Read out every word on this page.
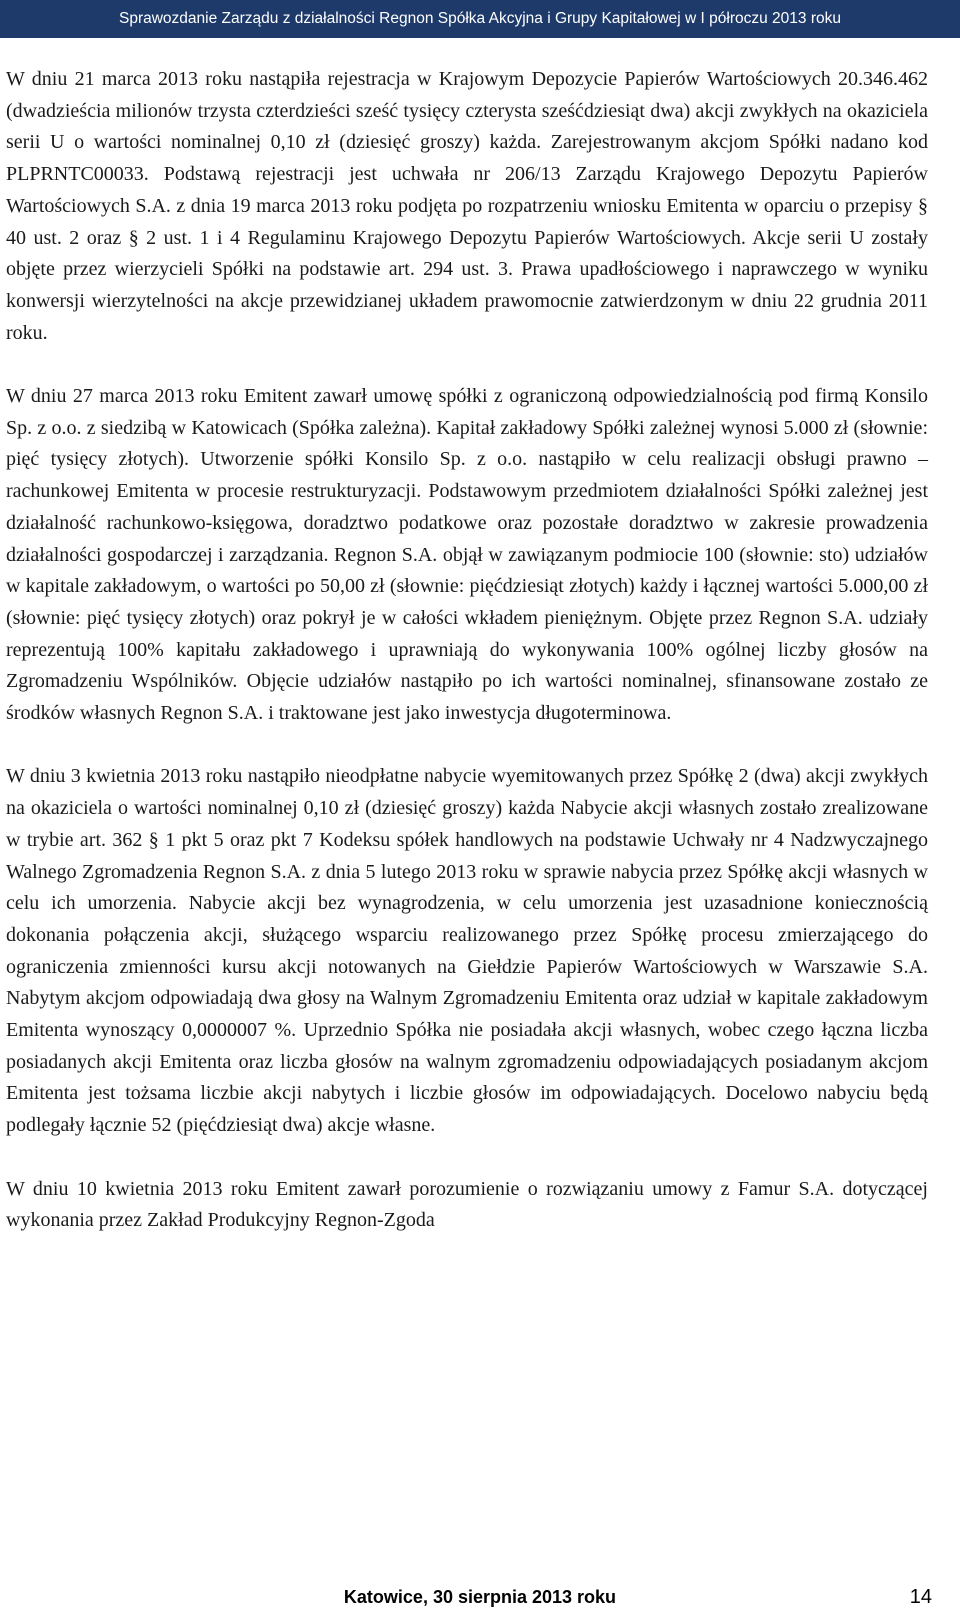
Sprawozdanie Zarządu z działalności Regnon Spółka Akcyjna i Grupy Kapitałowej w I półroczu 2013 roku

W dniu 21 marca 2013 roku nastąpiła rejestracja w Krajowym Depozycie Papierów Wartościowych 20.346.462 (dwadzieścia milionów trzysta czterdzieści sześć tysięcy czterysta sześćdziesiąt dwa) akcji zwykłych na okaziciela serii U o wartości nominalnej 0,10 zł (dziesięć groszy) każda. Zarejestrowanym akcjom Spółki nadano kod PLPRNTC00033. Podstawą rejestracji jest uchwała nr 206/13 Zarządu Krajowego Depozytu Papierów Wartościowych S.A. z dnia 19 marca 2013 roku podjęta po rozpatrzeniu wniosku Emitenta w oparciu o przepisy § 40 ust. 2 oraz § 2 ust. 1 i 4 Regulaminu Krajowego Depozytu Papierów Wartościowych. Akcje serii U zostały objęte przez wierzycieli Spółki na podstawie art. 294 ust. 3. Prawa upadłościowego i naprawczego w wyniku konwersji wierzytelności na akcje przewidzianej układem prawomocnie zatwierdzonym w dniu 22 grudnia 2011 roku.

W dniu 27 marca 2013 roku Emitent zawarł umowę spółki z ograniczoną odpowiedzialnością pod firmą Konsilo Sp. z o.o. z siedzibą w Katowicach (Spółka zależna). Kapitał zakładowy Spółki zależnej wynosi 5.000 zł (słownie: pięć tysięcy złotych). Utworzenie spółki Konsilo Sp. z o.o. nastąpiło w celu realizacji obsługi prawno – rachunkowej Emitenta w procesie restrukturyzacji. Podstawowym przedmiotem działalności Spółki zależnej jest działalność rachunkowo-księgowa, doradztwo podatkowe oraz pozostałe doradztwo w zakresie prowadzenia działalności gospodarczej i zarządzania. Regnon S.A. objął w zawiązanym podmiocie 100 (słownie: sto) udziałów w kapitale zakładowym, o wartości po 50,00 zł (słownie: pięćdziesiąt złotych) każdy i łącznej wartości 5.000,00 zł (słownie: pięć tysięcy złotych) oraz pokrył je w całości wkładem pieniężnym. Objęte przez Regnon S.A. udziały reprezentują 100% kapitału zakładowego i uprawniają do wykonywania 100% ogólnej liczby głosów na Zgromadzeniu Wspólników. Objęcie udziałów nastąpiło po ich wartości nominalnej, sfinansowane zostało ze środków własnych Regnon S.A. i traktowane jest jako inwestycja długoterminowa.

W dniu 3 kwietnia 2013 roku nastąpiło nieodpłatne nabycie wyemitowanych przez Spółkę 2 (dwa) akcji zwykłych na okaziciela o wartości nominalnej 0,10 zł (dziesięć groszy) każda Nabycie akcji własnych zostało zrealizowane w trybie art. 362 § 1 pkt 5 oraz pkt 7 Kodeksu spółek handlowych na podstawie Uchwały nr 4 Nadzwyczajnego Walnego Zgromadzenia Regnon S.A. z dnia 5 lutego 2013 roku w sprawie nabycia przez Spółkę akcji własnych w celu ich umorzenia. Nabycie akcji bez wynagrodzenia, w celu umorzenia jest uzasadnione koniecznością dokonania połączenia akcji, służącego wsparciu realizowanego przez Spółkę procesu zmierzającego do ograniczenia zmienności kursu akcji notowanych na Giełdzie Papierów Wartościowych w Warszawie S.A. Nabytym akcjom odpowiadają dwa głosy na Walnym Zgromadzeniu Emitenta oraz udział w kapitale zakładowym Emitenta wynoszący 0,0000007 %. Uprzednio Spółka nie posiadała akcji własnych, wobec czego łączna liczba posiadanych akcji Emitenta oraz liczba głosów na walnym zgromadzeniu odpowiadających posiadanym akcjom Emitenta jest tożsama liczbie akcji nabytych i liczbie głosów im odpowiadających. Docelowo nabyciu będą podlegały łącznie 52 (pięćdziesiąt dwa) akcje własne.

W dniu 10 kwietnia 2013 roku Emitent zawarł porozumienie o rozwiązaniu umowy z Famur S.A. dotyczącej wykonania przez Zakład Produkcyjny Regnon-Zgoda

Katowice, 30 sierpnia 2013 roku	14
